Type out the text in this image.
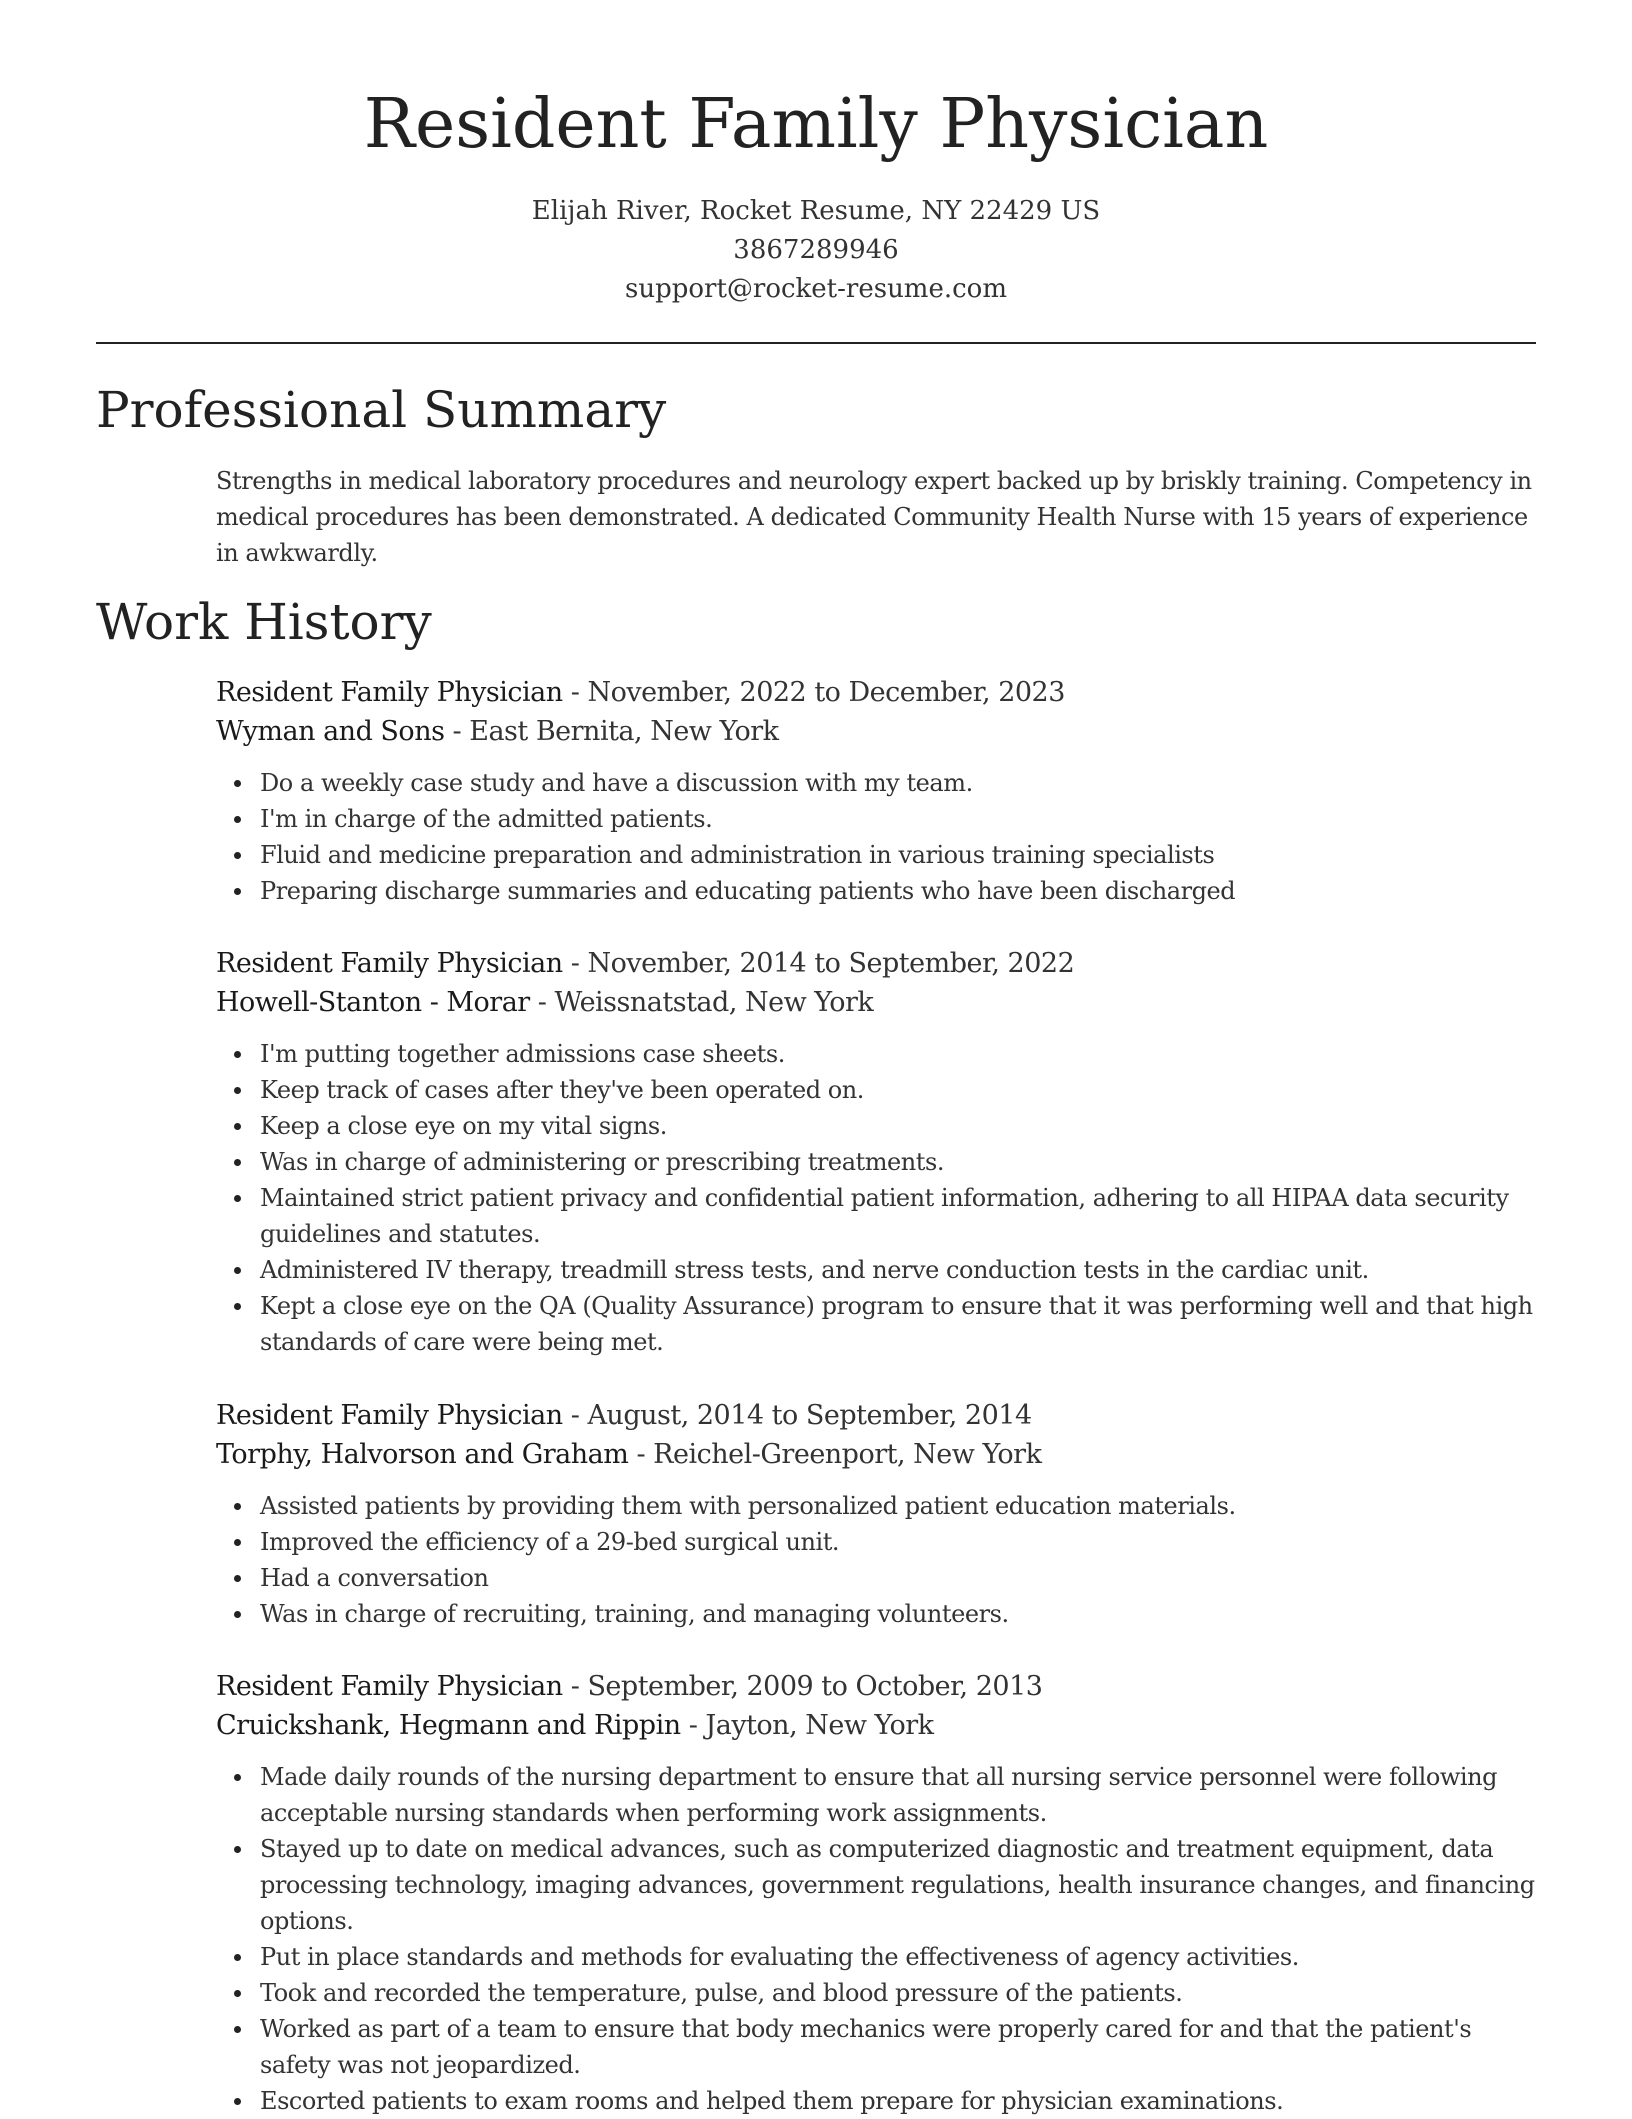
Resident Family Physician
Elijah River, Rocket Resume, NY 22429 US
3867289946
support@rocket-resume.com
Professional Summary

Strengths in medical laboratory procedures and neurology expert backed up by briskly training. Competency in medical procedures has been demonstrated. A dedicated Community Health Nurse with 15 years of experience in awkwardly.

Work History
Resident Family Physician - November, 2022 to December, 2023
Wyman and Sons - East Bernita, New York
Do a weekly case study and have a discussion with my team.
I'm in charge of the admitted patients.
Fluid and medicine preparation and administration in various training specialists
Preparing discharge summaries and educating patients who have been discharged
Resident Family Physician - November, 2014 to September, 2022
Howell-Stanton - Morar - Weissnatstad, New York
I'm putting together admissions case sheets.
Keep track of cases after they've been operated on.
Keep a close eye on my vital signs.
Was in charge of administering or prescribing treatments.
Maintained strict patient privacy and confidential patient information, adhering to all HIPAA data security guidelines and statutes.
Administered IV therapy, treadmill stress tests, and nerve conduction tests in the cardiac unit.
Kept a close eye on the QA (Quality Assurance) program to ensure that it was performing well and that high standards of care were being met.
Resident Family Physician - August, 2014 to September, 2014
Torphy, Halvorson and Graham - Reichel-Greenport, New York
Assisted patients by providing them with personalized patient education materials.
Improved the efficiency of a 29-bed surgical unit.
Had a conversation
Was in charge of recruiting, training, and managing volunteers.
Resident Family Physician - September, 2009 to October, 2013
Cruickshank, Hegmann and Rippin - Jayton, New York
Made daily rounds of the nursing department to ensure that all nursing service personnel were following acceptable nursing standards when performing work assignments.
Stayed up to date on medical advances, such as computerized diagnostic and treatment equipment, data processing technology, imaging advances, government regulations, health insurance changes, and financing options.
Put in place standards and methods for evaluating the effectiveness of agency activities.
Took and recorded the temperature, pulse, and blood pressure of the patients.
Worked as part of a team to ensure that body mechanics were properly cared for and that the patient's safety was not jeopardized.
Escorted patients to exam rooms and helped them prepare for physician examinations.
